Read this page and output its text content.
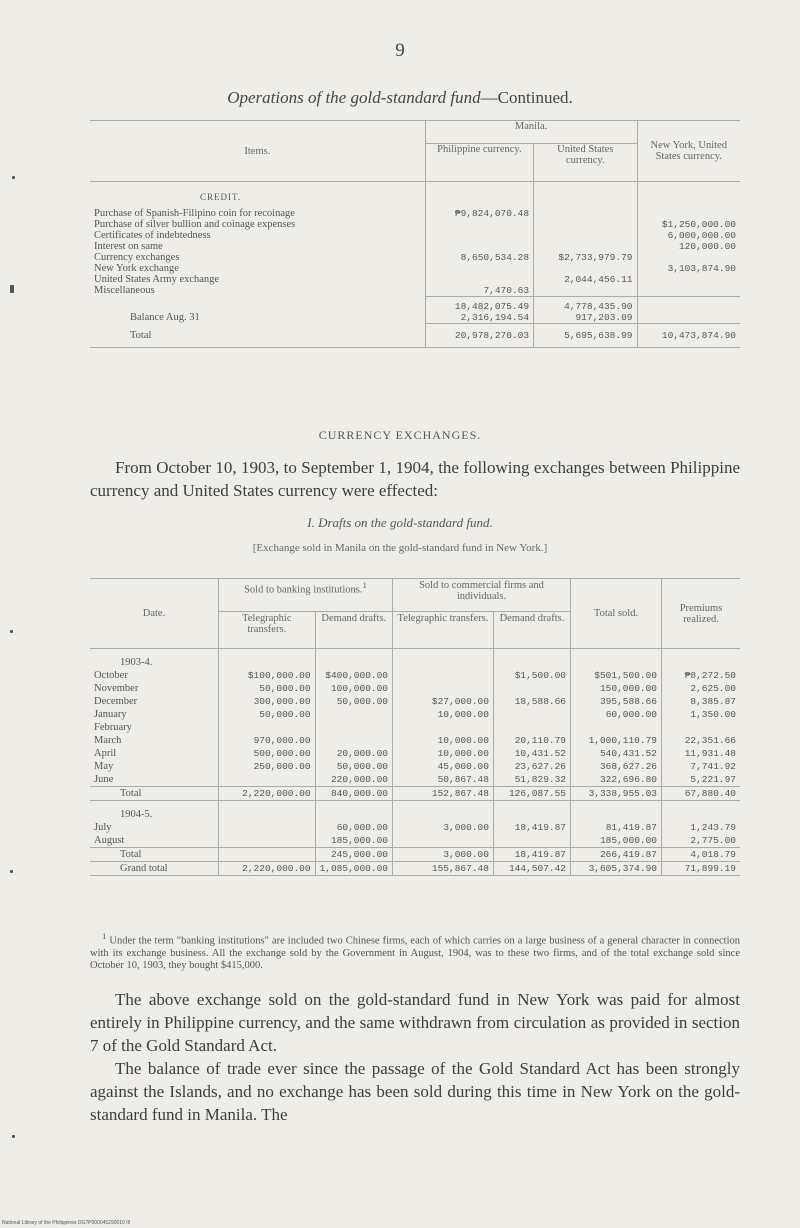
9
Operations of the gold-standard fund—Continued.
Items.	Manila.		New York, United States currency.
	Philippine currency.	United States currency.	
CREDIT.			
Purchase of Spanish-Filipino coin for recoinage	₱9,824,070.48		
Purchase of silver bullion and coinage expenses			$1,250,000.00
Certificates of indebtedness			6,000,000.00
Interest on same			120,000.00
Currency exchanges	8,650,534.28	$2,733,979.79	
New York exchange			3,103,874.90
United States Army exchange		2,044,456.11	
Miscellaneous	7,470.63		
	18,482,075.49	4,778,435.90	
Balance Aug. 31	2,316,194.54	917,203.09	
Total	20,978,270.03	5,695,638.99	10,473,874.90
CURRENCY EXCHANGES.

From October 10, 1903, to September 1, 1904, the following exchanges between Philippine currency and United States currency were effected:

I. Drafts on the gold-standard fund.
[Exchange sold in Manila on the gold-standard fund in New York.]
Date.	Sold to banking institutions.$^1$		Sold to commercial firms and individuals.		Total sold.	Premiums realized.
	Telegraphic transfers.	Demand drafts.	Telegraphic transfers.	Demand drafts.		
1903-4.						
October	$100,000.00	$400,000.00		$1,500.00	$501,500.00	₱8,272.50
November	50,000.00	100,000.00			150,000.00	2,625.00
December	300,000.00	50,000.00	$27,000.00	18,588.66	395,588.66	8,385.87
January	50,000.00		10,000.00		60,000.00	1,350.00
February						
March	970,000.00		10,000.00	20,110.79	1,000,110.79	22,351.66
April	500,000.00	20,000.00	10,000.00	10,431.52	540,431.52	11,931.48
May	250,000.00	50,000.00	45,000.00	23,627.26	368,627.26	7,741.92
June		220,000.00	50,867.48	51,829.32	322,696.80	5,221.97
Total	2,220,000.00	840,000.00	152,867.48	126,087.55	3,338,955.03	67,880.40
1904-5.						
July		60,000.00	3,000.00	18,419.87	81,419.87	1,243.79
August		185,000.00			185,000.00	2,775.00
Total		245,000.00	3,000.00	18,419.87	266,419.87	4,018.79
Grand total	2,220,000.00	1,085,000.00	155,867.48	144,507.42	3,605,374.90	71,899.19

$^1$ Under the term "banking institutions" are included two Chinese firms, each of which carries on a large business of a general character in connection with its exchange business. All the exchange sold by the Government in August, 1904, was to these two firms, and of the total exchange sold since October 10, 1903, they bought $415,000.

The above exchange sold on the gold-standard fund in New York was paid for almost entirely in Philippine currency, and the same withdrawn from circulation as provided in section 7 of the Gold Standard Act.

The balance of trade ever since the passage of the Gold Standard Act has been strongly against the Islands, and no exchange has been sold during this time in New York on the gold-standard fund in Manila. The

National Library of the Philippines DG7P000045290010 III
